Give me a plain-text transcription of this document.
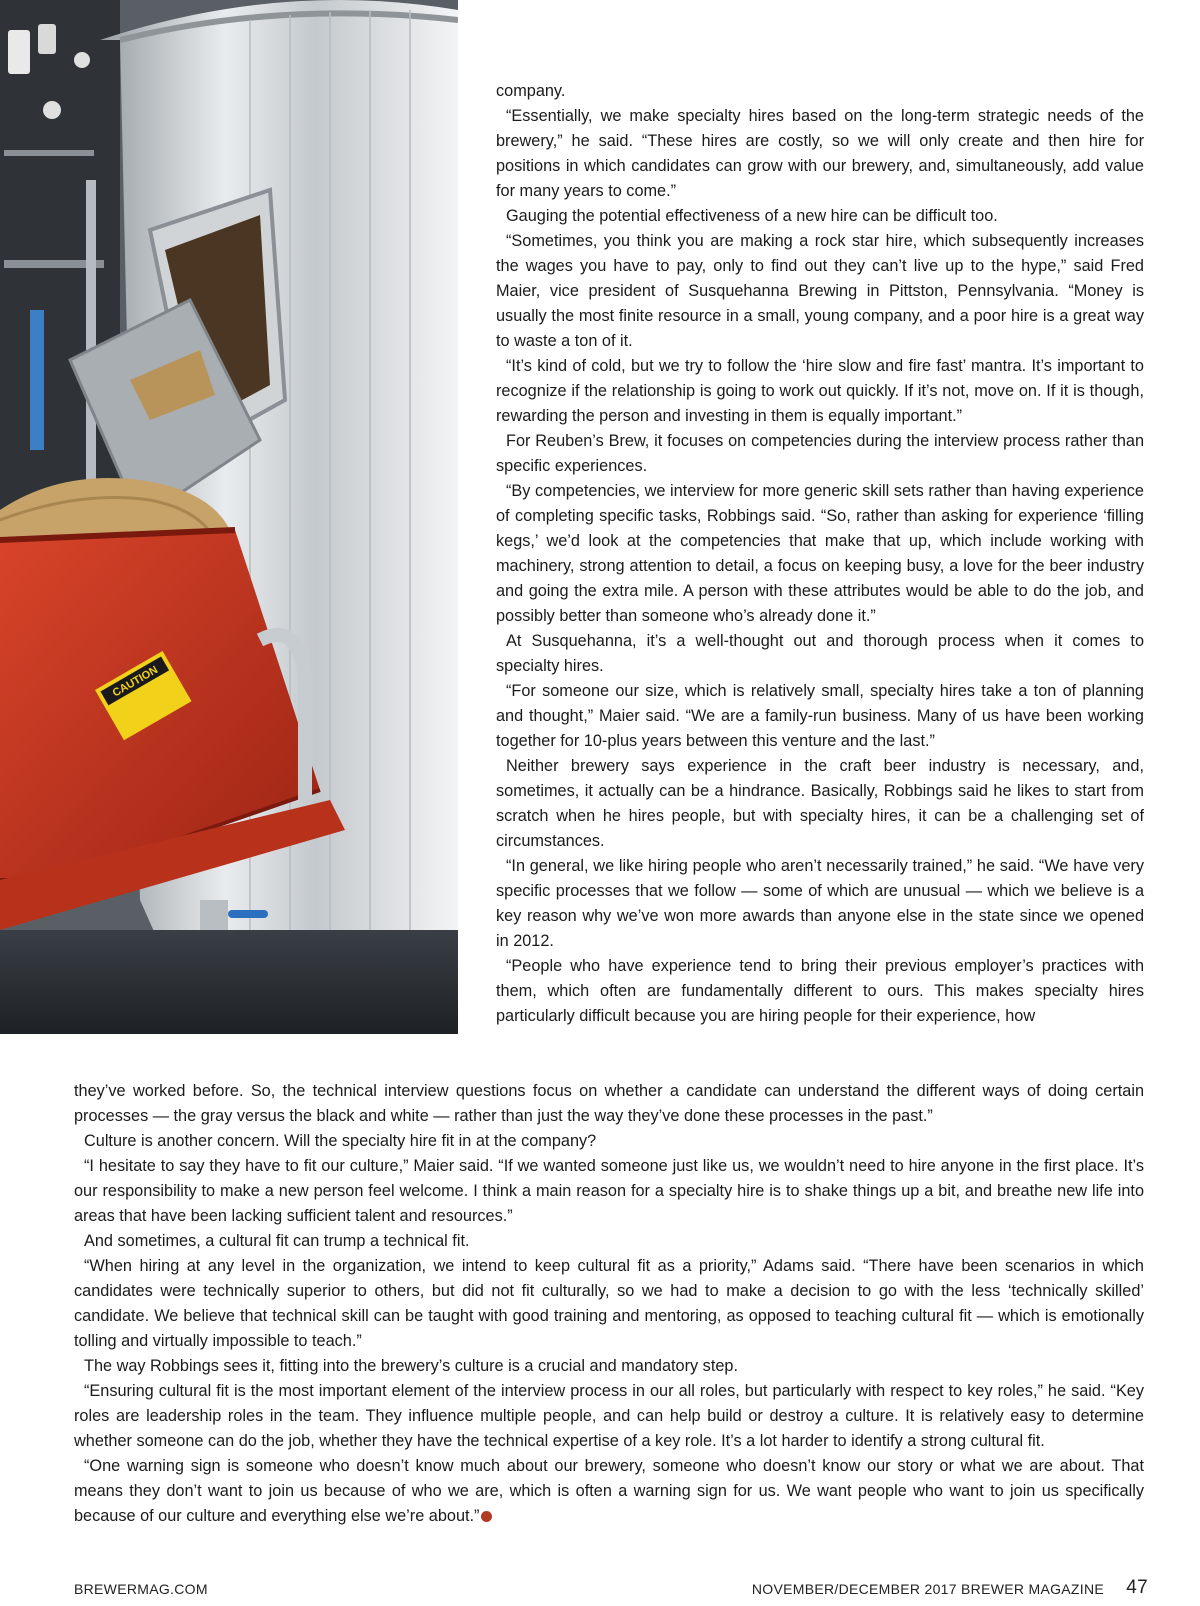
CAUTION

company.

“Essentially, we make specialty hires based on the long-term strategic needs of the brewery,” he said. “These hires are costly, so we will only create and then hire for positions in which candidates can grow with our brewery, and, simultaneously, add value for many years to come.”

Gauging the potential effectiveness of a new hire can be difficult too.

“Sometimes, you think you are making a rock star hire, which subsequently increases the wages you have to pay, only to find out they can’t live up to the hype,” said Fred Maier, vice president of Susquehanna Brewing in Pittston, Pennsylvania. “Money is usually the most finite resource in a small, young company, and a poor hire is a great way to waste a ton of it.

“It’s kind of cold, but we try to follow the ‘hire slow and fire fast’ mantra. It’s important to recognize if the relationship is going to work out quickly. If it’s not, move on. If it is though, rewarding the person and investing in them is equally important.”

For Reuben’s Brew, it focuses on competencies during the interview process rather than specific experiences.

“By competencies, we interview for more generic skill sets rather than having experience of completing specific tasks, Robbings said. “So, rather than asking for experience ‘filling kegs,’ we’d look at the competencies that make that up, which include working with machinery, strong attention to detail, a focus on keeping busy, a love for the beer industry and going the extra mile. A person with these attributes would be able to do the job, and possibly better than someone who’s already done it.”

At Susquehanna, it’s a well-thought out and thorough process when it comes to specialty hires.

“For someone our size, which is relatively small, specialty hires take a ton of planning and thought,” Maier said. “We are a family-run business. Many of us have been working together for 10-plus years between this venture and the last.”

Neither brewery says experience in the craft beer industry is necessary, and, sometimes, it actually can be a hindrance. Basically, Robbings said he likes to start from scratch when he hires people, but with specialty hires, it can be a challenging set of circumstances.

“In general, we like hiring people who aren’t necessarily trained,” he said. “We have very specific processes that we follow — some of which are unusual — which we believe is a key reason why we’ve won more awards than anyone else in the state since we opened in 2012.

“People who have experience tend to bring their previous employer’s practices with them, which often are fundamentally different to ours. This makes specialty hires particularly difficult because you are hiring people for their experience, how

they’ve worked before. So, the technical interview questions focus on whether a candidate can understand the different ways of doing certain processes — the gray versus the black and white — rather than just the way they’ve done these processes in the past.”

Culture is another concern. Will the specialty hire fit in at the company?

“I hesitate to say they have to fit our culture,” Maier said. “If we wanted someone just like us, we wouldn’t need to hire anyone in the first place. It’s our responsibility to make a new person feel welcome. I think a main reason for a specialty hire is to shake things up a bit, and breathe new life into areas that have been lacking sufficient talent and resources.”

And sometimes, a cultural fit can trump a technical fit.

“When hiring at any level in the organization, we intend to keep cultural fit as a priority,” Adams said. “There have been scenarios in which candidates were technically superior to others, but did not fit culturally, so we had to make a decision to go with the less ‘technically skilled’ candidate. We believe that technical skill can be taught with good training and mentoring, as opposed to teaching cultural fit — which is emotionally tolling and virtually impossible to teach.”

The way Robbings sees it, fitting into the brewery’s culture is a crucial and mandatory step.

“Ensuring cultural fit is the most important element of the interview process in our all roles, but particularly with respect to key roles,” he said. “Key roles are leadership roles in the team. They influence multiple people, and can help build or destroy a culture. It is relatively easy to determine whether someone can do the job, whether they have the technical expertise of a key role. It’s a lot harder to identify a strong cultural fit.

“One warning sign is someone who doesn’t know much about our brewery, someone who doesn’t know our story or what we are about. That means they don’t want to join us because of who we are, which is often a warning sign for us. We want people who want to join us specifically because of our culture and everything else we’re about.”

BREWERMAG.COM	NOVEMBER/DECEMBER 2017 BREWER MAGAZINE 47
